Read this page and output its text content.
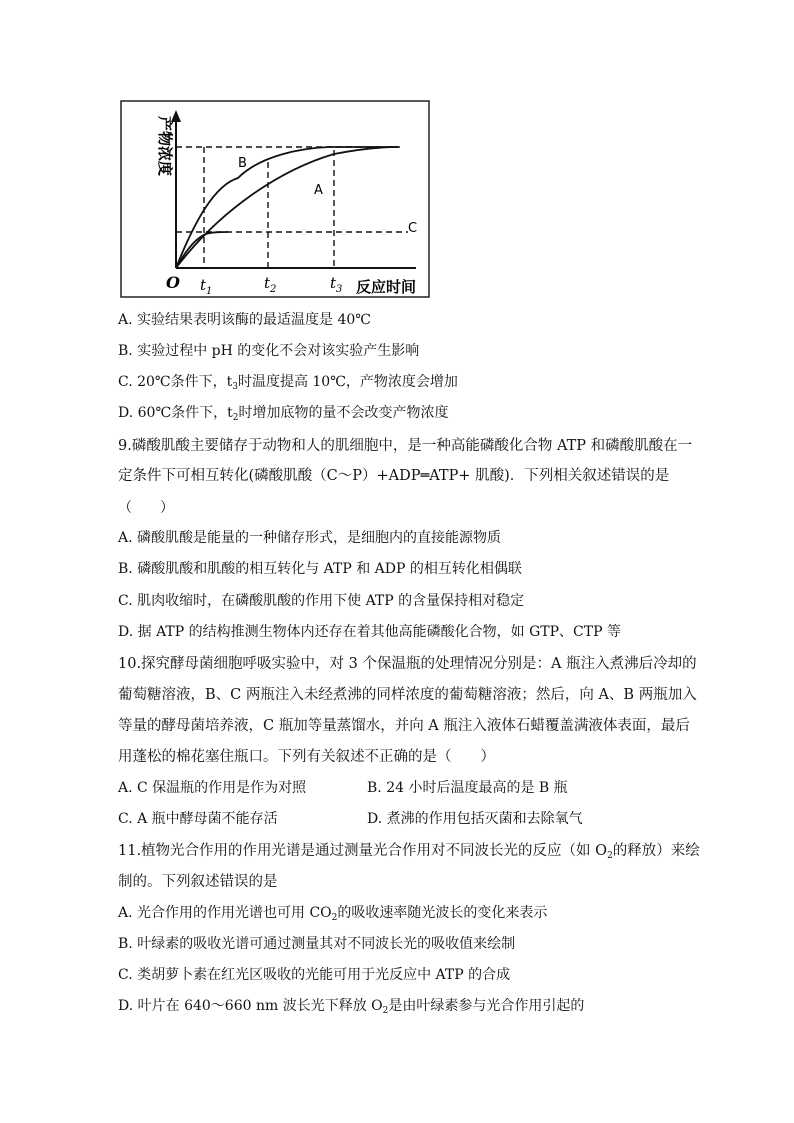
产物浓度
反应时间
O $t_1$	$t_2$	$t_3$
B
A
C
A. 实验结果表明该酶的最适温度是 40℃
B. 实验过程中 pH 的变化不会对该实验产生影响
C. 20℃条件下，$t_3$时温度提高 10℃，产物浓度会增加
D. 60℃条件下，$t_2$时增加底物的量不会改变产物浓度
9.磷酸肌酸主要储存于动物和人的肌细胞中，是一种高能磷酸化合物 ATP 和磷酸肌酸在一
定条件下可相互转化(磷酸肌酸（C～P）+ADP═ATP+ 肌酸)．下列相关叙述错误的是
（　　）
A. 磷酸肌酸是能量的一种储存形式，是细胞内的直接能源物质
B. 磷酸肌酸和肌酸的相互转化与 ATP 和 ADP 的相互转化相偶联
C. 肌肉收缩时，在磷酸肌酸的作用下使 ATP 的含量保持相对稳定
D. 据 ATP 的结构推测生物体内还存在着其他高能磷酸化合物，如 GTP、CTP 等
10.探究酵母菌细胞呼吸实验中，对 3 个保温瓶的处理情况分别是：A 瓶注入煮沸后冷却的
葡萄糖溶液，B、C 两瓶注入未经煮沸的同样浓度的葡萄糖溶液；然后，向 A、B 两瓶加入
等量的酵母菌培养液，C 瓶加等量蒸馏水，并向 A 瓶注入液体石蜡覆盖满液体表面，最后
用蓬松的棉花塞住瓶口。下列有关叙述不正确的是（　　）
A. C 保温瓶的作用是作为对照	B. 24 小时后温度最高的是 B 瓶
C. A 瓶中酵母菌不能存活	D. 煮沸的作用包括灭菌和去除氧气
11.植物光合作用的作用光谱是通过测量光合作用对不同波长光的反应（如 $O_2$的释放）来绘
制的。下列叙述错误的是
A. 光合作用的作用光谱也可用 $CO_2$的吸收速率随光波长的变化来表示
B. 叶绿素的吸收光谱可通过测量其对不同波长光的吸收值来绘制
C. 类胡萝卜素在红光区吸收的光能可用于光反应中 ATP 的合成
D. 叶片在 640～660 nm 波长光下释放 $O_2$是由叶绿素参与光合作用引起的
